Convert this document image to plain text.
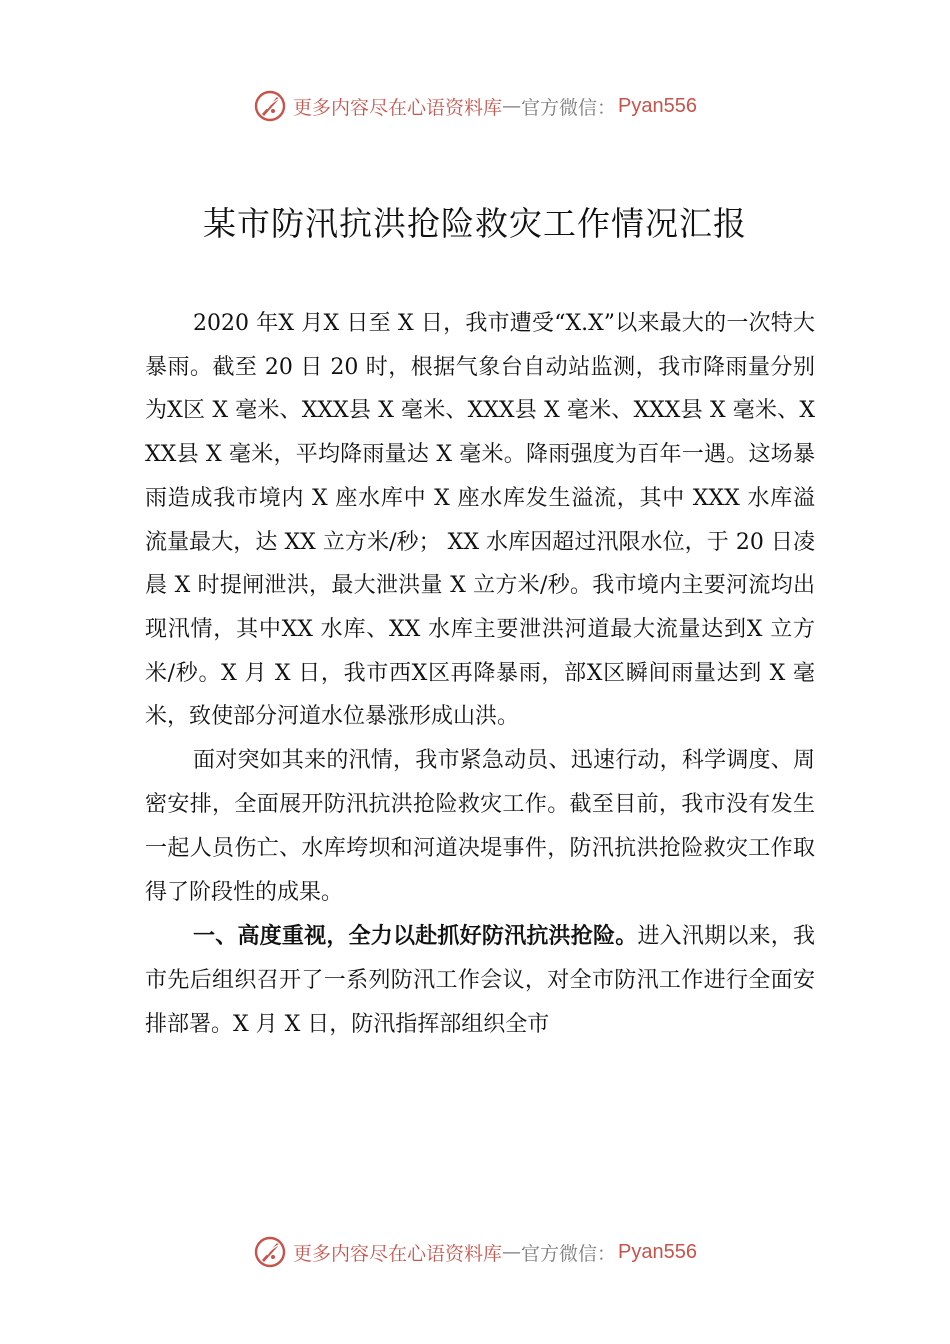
更多内容尽在心语资料库 — 官方微信： Pyan556
某市防汛抗洪抢险救灾工作情况汇报

2020 年X 月X 日至 X 日，我市遭受“X.X”以来最大的一次特大暴雨。截至 20 日 20 时，根据气象台自动站监测，我市降雨量分别为X区 X 毫米、XXX县 X 毫米、XXX县 X 毫米、XXX县 X 毫米、XXX县 X 毫米，平均降雨量达 X 毫米。降雨强度为百年一遇。这场暴雨造成我市境内 X 座水库中 X 座水库发生溢流，其中 XXX 水库溢流量最大，达 XX 立方米/秒； XX 水库因超过汛限水位，于 20 日凌晨 X 时提闸泄洪，最大泄洪量 X 立方米/秒。我市境内主要河流均出现汛情，其中XX 水库、XX 水库主要泄洪河道最大流量达到X 立方米/秒。X 月 X 日，我市西X区再降暴雨，部X区瞬间雨量达到 X 毫米，致使部分河道水位暴涨形成山洪。

面对突如其来的汛情，我市紧急动员、迅速行动，科学调度、周密安排，全面展开防汛抗洪抢险救灾工作。截至目前，我市没有发生一起人员伤亡、水库垮坝和河道决堤事件，防汛抗洪抢险救灾工作取得了阶段性的成果。

一、高度重视，全力以赴抓好防汛抗洪抢险。进入汛期以来，我市先后组织召开了一系列防汛工作会议，对全市防汛工作进行全面安排部署。X 月 X 日，防汛指挥部组织全市

更多内容尽在心语资料库 — 官方微信： Pyan556
